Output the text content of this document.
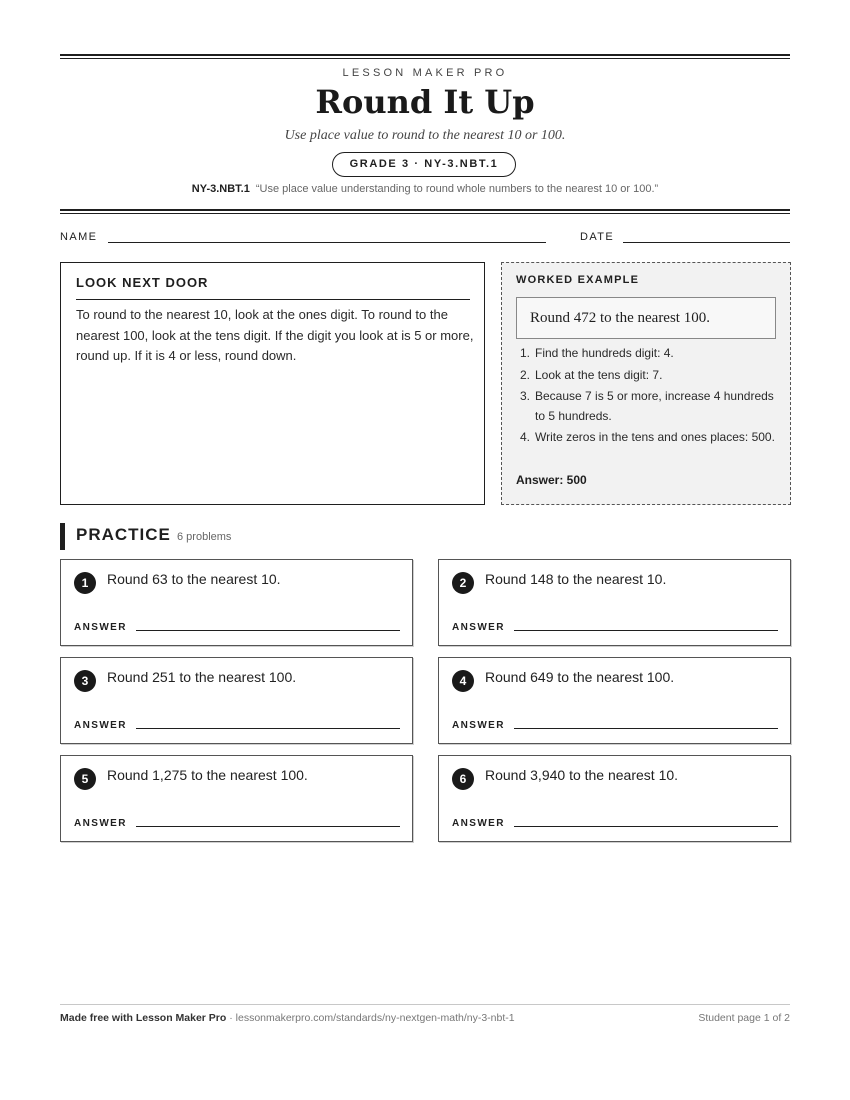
LESSON MAKER PRO
Round It Up
Use place value to round to the nearest 10 or 100.
GRADE 3 · NY-3.NBT.1
NY-3.NBT.1 “Use place value understanding to round whole numbers to the nearest 10 or 100.”
NAME	DATE
LOOK NEXT DOOR
To round to the nearest 10, look at the ones digit. To round to the nearest 100, look at the tens digit. If the digit you look at is 5 or more, round up. If it is 4 or less, round down.
WORKED EXAMPLE
Round 472 to the nearest 100.
1. Find the hundreds digit: 4.
2. Look at the tens digit: 7.
3. Because 7 is 5 or more, increase 4 hundreds to 5 hundreds.
4. Write zeros in the tens and ones places: 500.
Answer: 500
PRACTICE 6 problems
1	Round 63 to the nearest 10.
ANSWER
2	Round 148 to the nearest 10.
ANSWER
3	Round 251 to the nearest 100.
ANSWER
4	Round 649 to the nearest 100.
ANSWER
5	Round 1,275 to the nearest 100.
ANSWER
6	Round 3,940 to the nearest 10.
ANSWER
Made free with Lesson Maker Pro · lessonmakerpro.com/standards/ny-nextgen-math/ny-3-nbt-1	Student page 1 of 2
